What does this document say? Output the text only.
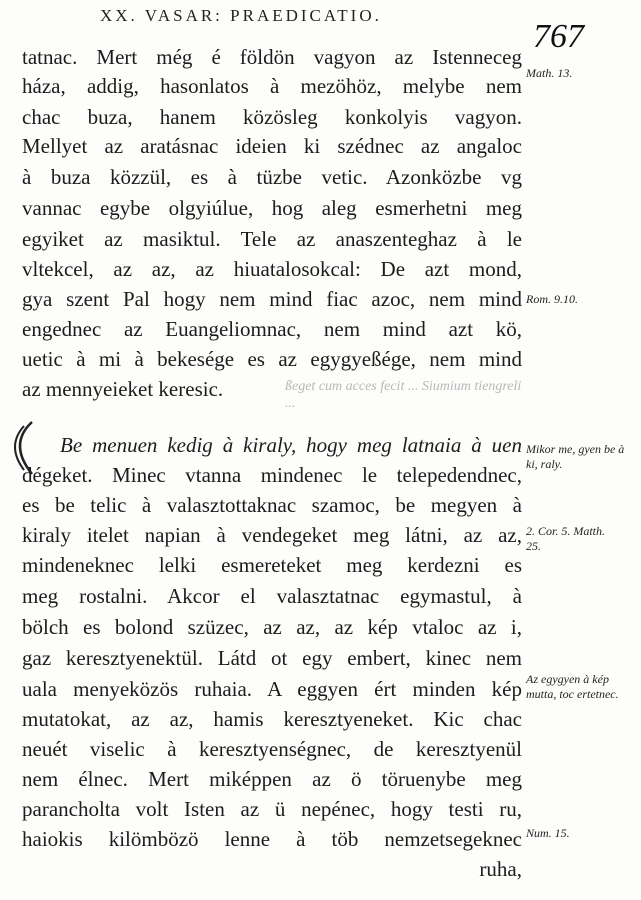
XX. VASAR: PRAEDICATIO.
767
tatnac. Mert még é földön vagyon az Istenneceg
háza, addig, hasonlatos à mezöhöz, melybe nem
chac buza, hanem közösleg konkolyis vagyon.
Mellyet az aratásnac ideien ki szédnec az angaloc
à buza közzül, es à tüzbe vetic. Azonközbe vg
vannac egybe olgyiúlue, hog aleg esmerhetni meg
egyiket az masiktul. Tele az anaszenteghaz à le
vltekcel, az az, az hiuatalosokcal: De azt mond,
gya szent Pal hogy nem mind fiac azoc, nem mind
engednec az Euangeliomnac, nem mind azt kö,
uetic à mi à bekesége es az egygyeßége, nem mind
az mennyeieket keresic.	ßeget cum acces fecit ... Siumium tiengreli ...
Be menuen kedig à kiraly, hogy meg latnaia à uen
dégeket. Minec vtanna mindenec le telepedendnec,
es be telic à valasztottaknac szamoc, be megyen à
kiraly itelet napian à vendegeket meg látni, az az,
mindeneknec lelki esmereteket meg kerdezni es
meg rostalni. Akcor el valasztatnac egymastul, à
bölch es bolond szüzec, az az, az kép vtaloc az i,
gaz keresztyenektül. Látd ot egy embert, kinec nem
uala menyeközös ruhaia. A eggyen ért minden kép
mutatokat, az az, hamis keresztyeneket. Kic chac
neuét viselic à keresztyenségnec, de keresztyenül
nem élnec. Mert miképpen az ö töruenybe meg
parancholta volt Isten az ü nepénec, hogy testi ru,
haiokis kilömbözö lenne à töb nemzetsegeknec
ruha,
Math. 13.
Rom. 9.10.
Mikor me, gyen be à ki, raly.
2. Cor. 5. Matth. 25.
Az egygyen à kép mutta, toc ertetnec.
Num. 15.
